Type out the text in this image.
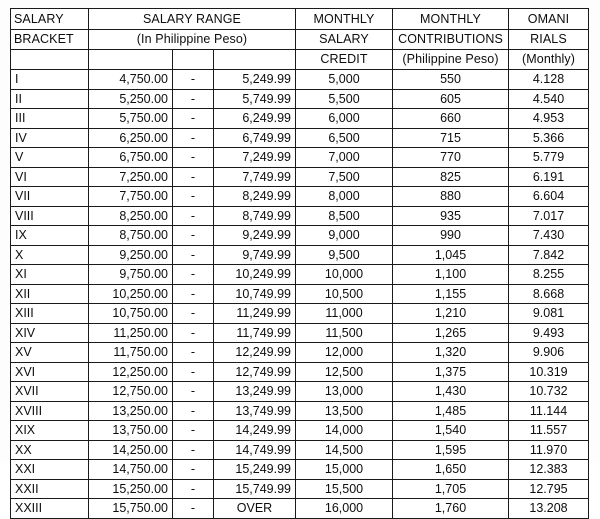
SALARY	SALARY RANGE			MONTHLY	MONTHLY	OMANI
BRACKET	(In Philippine Peso)			SALARY	CONTRIBUTIONS	RIALS
				CREDIT	(Philippine Peso)	(Monthly)
I	4,750.00	-	5,249.99	5,000	550	4.128
II	5,250.00	-	5,749.99	5,500	605	4.540
III	5,750.00	-	6,249.99	6,000	660	4.953
IV	6,250.00	-	6,749.99	6,500	715	5.366
V	6,750.00	-	7,249.99	7,000	770	5.779
VI	7,250.00	-	7,749.99	7,500	825	6.191
VII	7,750.00	-	8,249.99	8,000	880	6.604
VIII	8,250.00	-	8,749.99	8,500	935	7.017
IX	8,750.00	-	9,249.99	9,000	990	7.430
X	9,250.00	-	9,749.99	9,500	1,045	7.842
XI	9,750.00	-	10,249.99	10,000	1,100	8.255
XII	10,250.00	-	10,749.99	10,500	1,155	8.668
XIII	10,750.00	-	11,249.99	11,000	1,210	9.081
XIV	11,250.00	-	11,749.99	11,500	1,265	9.493
XV	11,750.00	-	12,249.99	12,000	1,320	9.906
XVI	12,250.00	-	12,749.99	12,500	1,375	10.319
XVII	12,750.00	-	13,249.99	13,000	1,430	10.732
XVIII	13,250.00	-	13,749.99	13,500	1,485	11.144
XIX	13,750.00	-	14,249.99	14,000	1,540	11.557
XX	14,250.00	-	14,749.99	14,500	1,595	11.970
XXI	14,750.00	-	15,249.99	15,000	1,650	12.383
XXII	15,250.00	-	15,749.99	15,500	1,705	12.795
XXIII	15,750.00	-	OVER	16,000	1,760	13.208
